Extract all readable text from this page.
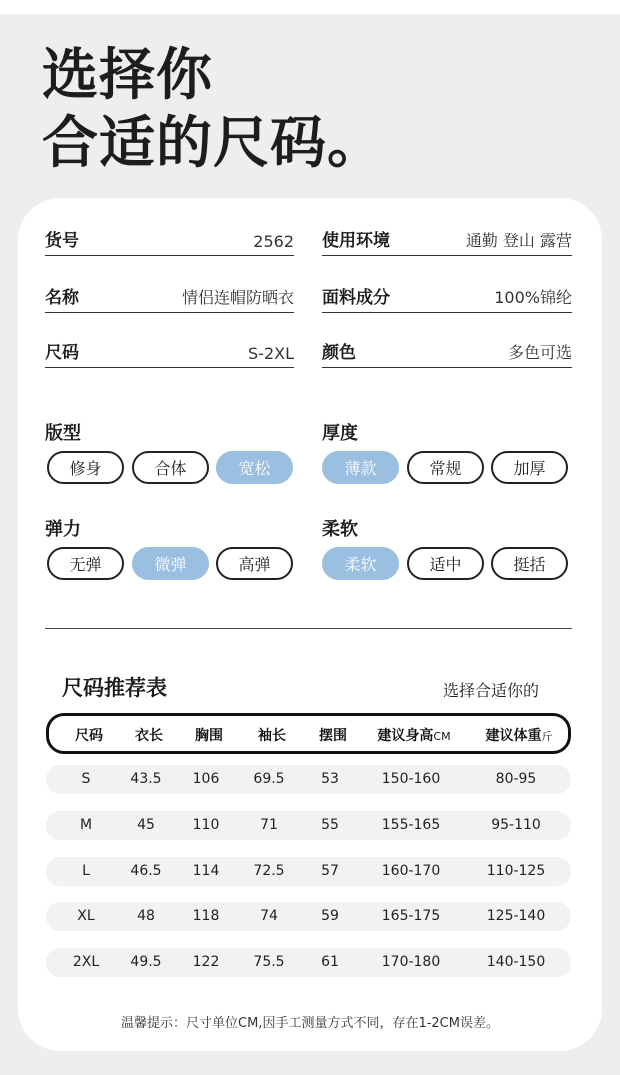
选择你
合适的尺码。
货号	2562 使用环境	通勤 登山 露营
名称	情侣连帽防晒衣 面料成分	100%锦纶
尺码	S-2XL 颜色	多色可选
版型
修身	合体	宽松
厚度
薄款	常规	加厚
弹力
无弹	微弹	高弹
柔软
柔软	适中	挺括
尺码推荐表	选择合适你的
尺码 衣长 胸围	袖长 摆围 建议身高CM 建议体重斤
S	43.5 106 69.5	53	150-160	80-95
M	45	110	71	55	155-165	95-110
L	46.5 114 72.5	57	160-170	110-125
XL	48	118	74	59	165-175	125-140
2XL 49.5 122 75.5	61	170-180	140-150
温馨提示：尺寸单位CM,因手工测量方式不同，存在1-2CM误差。
